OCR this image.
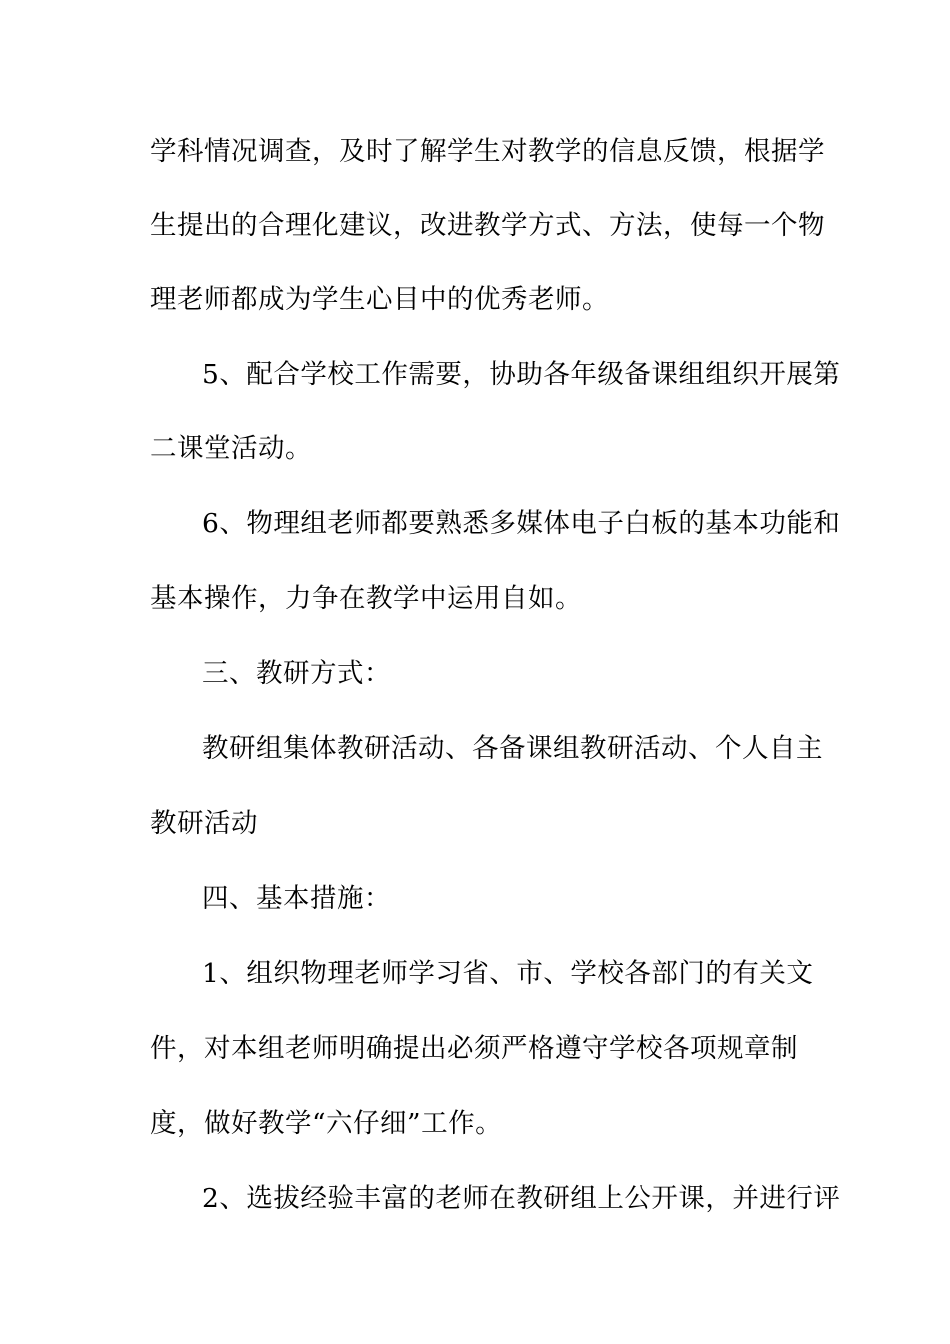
学科情况调查，及时了解学生对教学的信息反馈，根据学
生提出的合理化建议，改进教学方式、方法，使每一个物
理老师都成为学生心目中的优秀老师。
5、配合学校工作需要，协助各年级备课组组织开展第
二课堂活动。
6、物理组老师都要熟悉多媒体电子白板的基本功能和
基本操作，力争在教学中运用自如。
三、教研方式：
教研组集体教研活动、各备课组教研活动、个人自主
教研活动
四、基本措施：
1、组织物理老师学习省、市、学校各部门的有关文
件，对本组老师明确提出必须严格遵守学校各项规章制
度，做好教学“六仔细”工作。
2、选拔经验丰富的老师在教研组上公开课，并进行评
